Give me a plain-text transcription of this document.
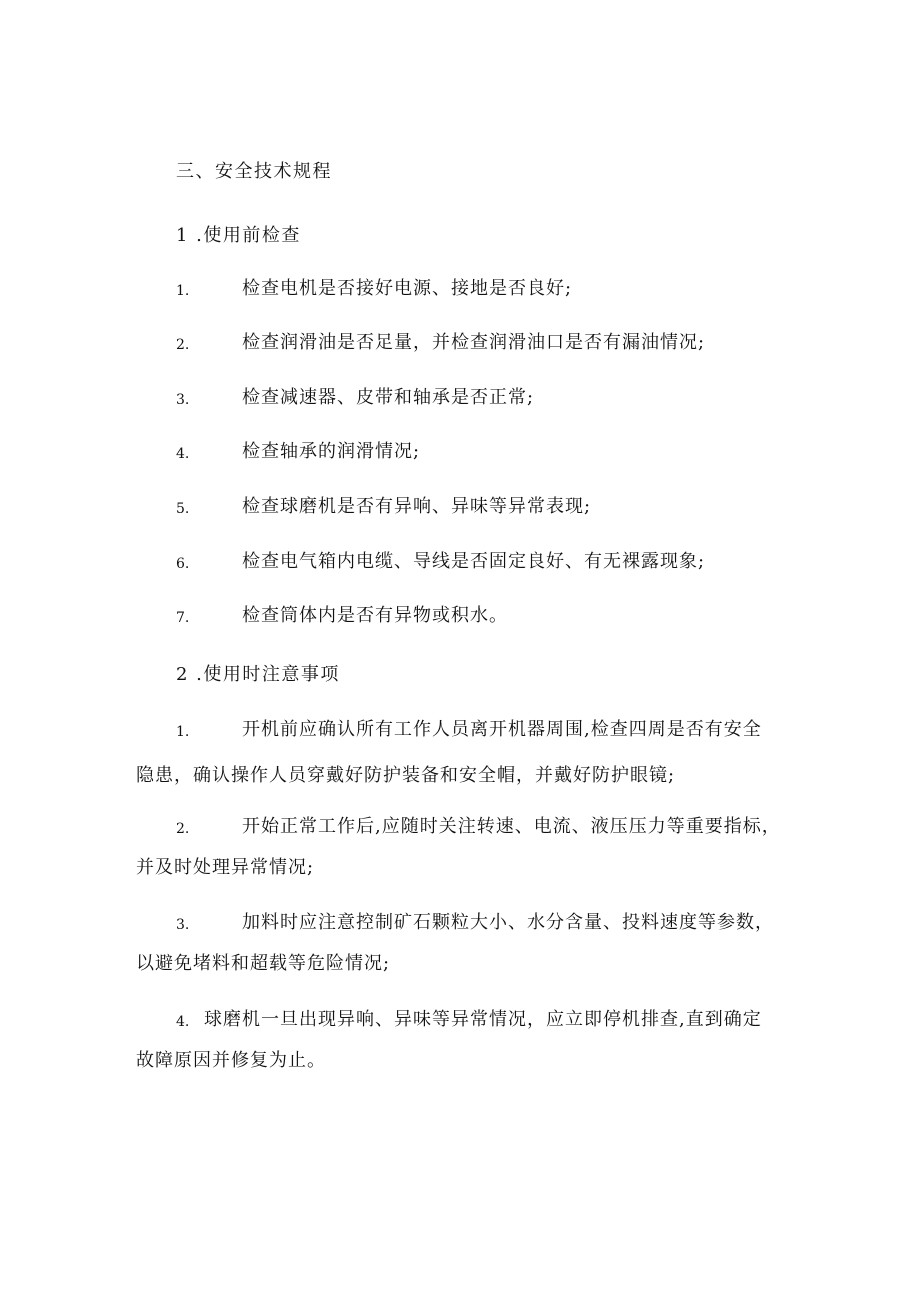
三、安全技术规程
1 .使用前检查
1.	检查电机是否接好电源、接地是否良好;
2.	检查润滑油是否足量，并检查润滑油口是否有漏油情况;
3.	检查减速器、皮带和轴承是否正常;
4.	检查轴承的润滑情况;
5.	检查球磨机是否有异响、异味等异常表现;
6.	检查电气箱内电缆、导线是否固定良好、有无裸露现象;
7.	检查筒体内是否有异物或积水。
2 .使用时注意事项
1.	开机前应确认所有工作人员离开机器周围,检查四周是否有安全
隐患，确认操作人员穿戴好防护装备和安全帽，并戴好防护眼镜;
2.	开始正常工作后,应随时关注转速、电流、液压压力等重要指标，
并及时处理异常情况;
3.	加料时应注意控制矿石颗粒大小、水分含量、投料速度等参数，
以避免堵料和超载等危险情况;
4. 球磨机一旦出现异响、异味等异常情况，应立即停机排查,直到确定
故障原因并修复为止。
